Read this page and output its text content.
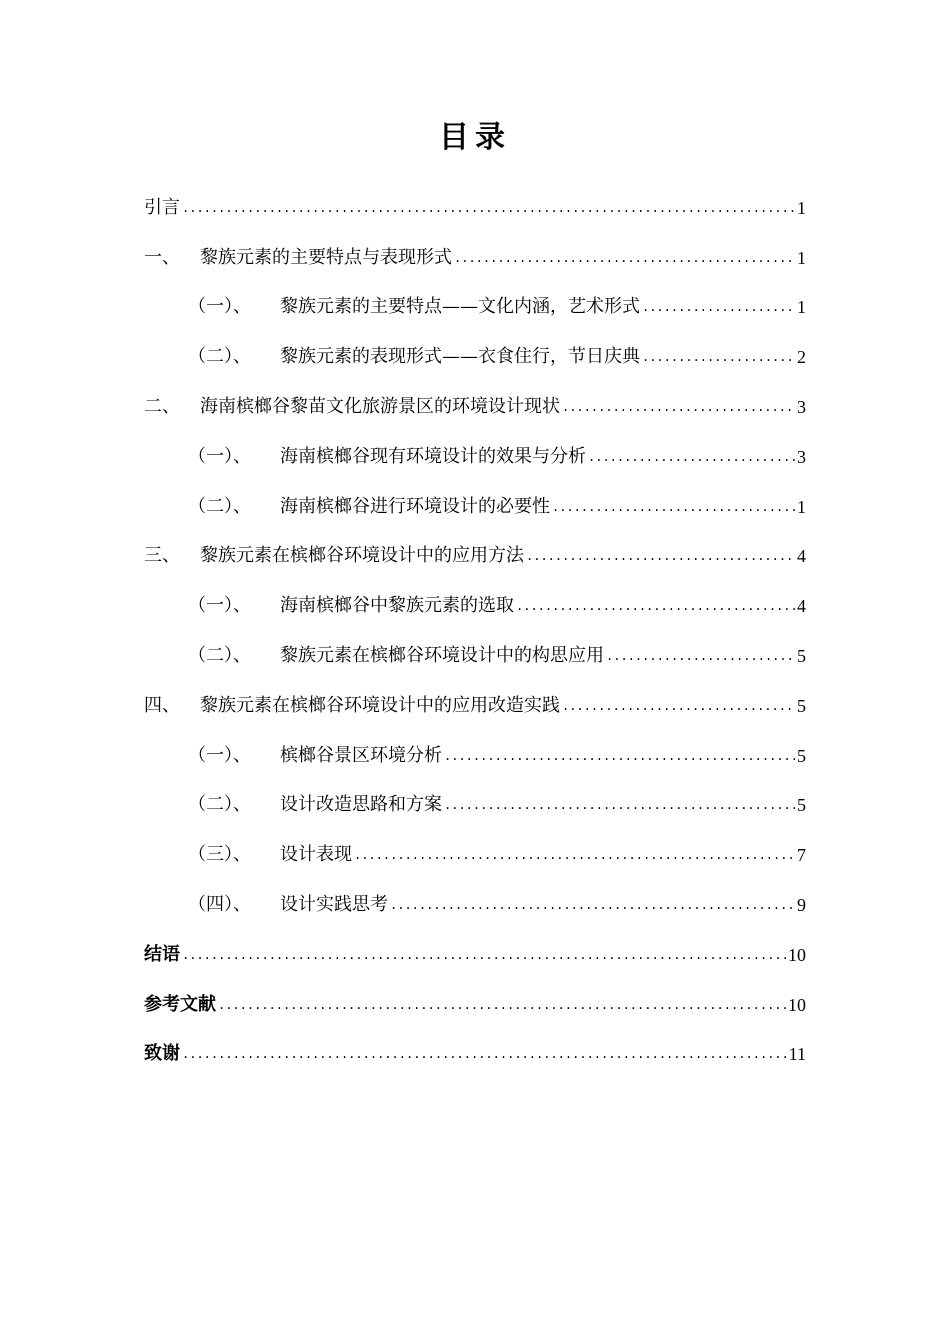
目录
引言 .....	1
一、	黎族元素的主要特点与表现形式 .....	1
（一）、	黎族元素的主要特点——文化内涵，艺术形式 .....	1
（二）、	黎族元素的表现形式——衣食住行，节日庆典 .....	2
二、	海南槟榔谷黎苗文化旅游景区的环境设计现状 .....	3
（一）、	海南槟榔谷现有环境设计的效果与分析 .....	3
（二）、	海南槟榔谷进行环境设计的必要性 .....	1
三、	黎族元素在槟榔谷环境设计中的应用方法 .....	4
（一）、	海南槟榔谷中黎族元素的选取 .....	4
（二）、	黎族元素在槟榔谷环境设计中的构思应用 .....	5
四、	黎族元素在槟榔谷环境设计中的应用改造实践 .....	5
（一）、	槟榔谷景区环境分析 .....	5
（二）、	设计改造思路和方案 .....	5
（三）、	设计表现 .....	7
（四）、	设计实践思考 .....	9
结语 .....	10
参考文献 .....	10
致谢 .....	11
